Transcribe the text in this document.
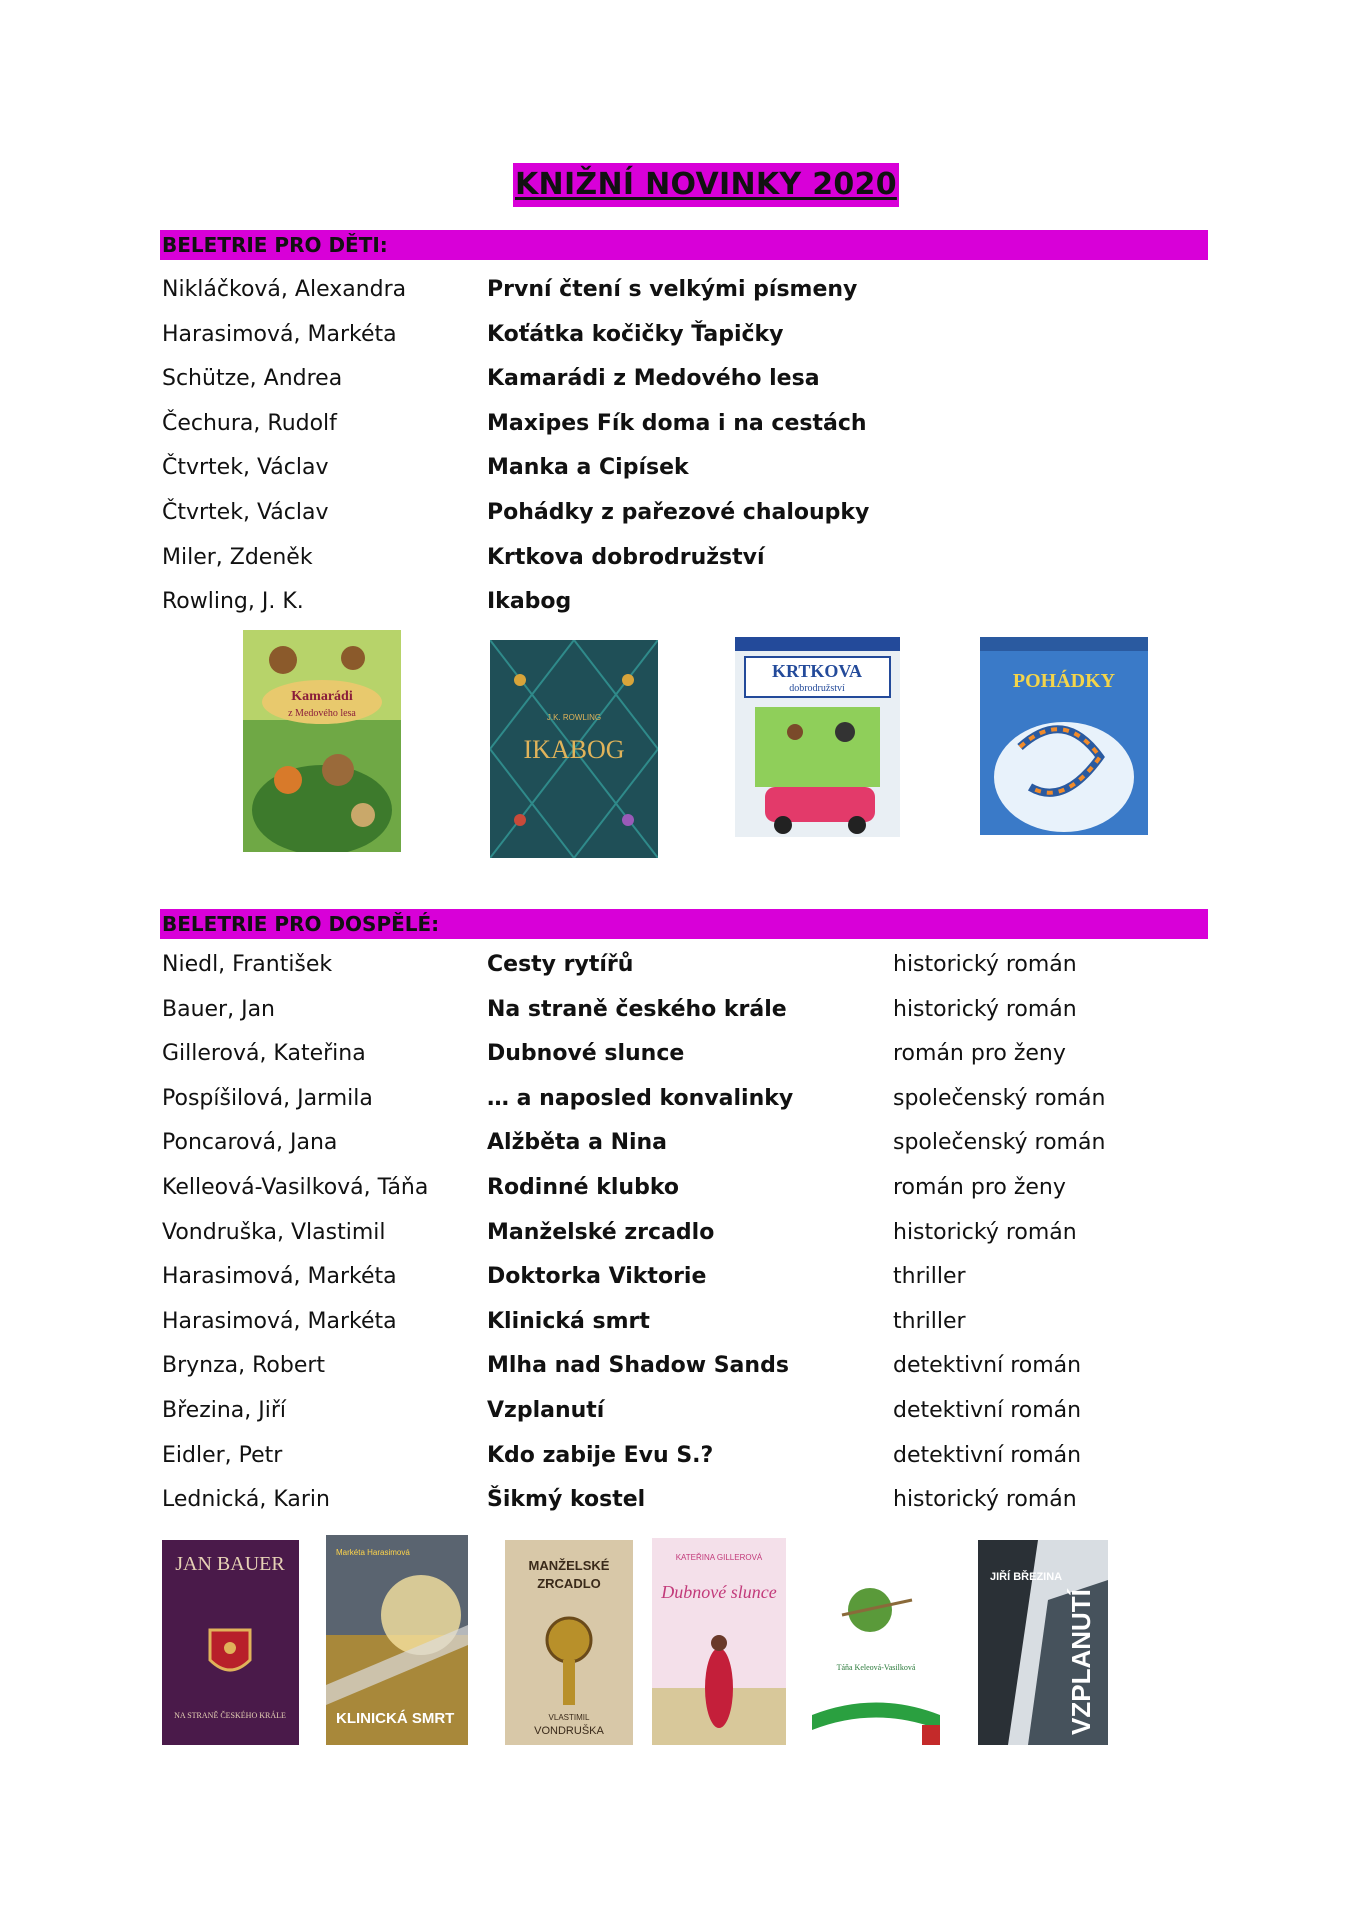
KNIŽNÍ NOVINKY 2020
BELETRIE PRO DĚTI:
Nikláčková, Alexandra	První čtení s velkými písmeny
Harasimová, Markéta	Koťátka kočičky Ťapičky
Schütze, Andrea	Kamarádi z Medového lesa
Čechura, Rudolf	Maxipes Fík doma i na cestách
Čtvrtek, Václav	Manka a Cipísek
Čtvrtek, Václav	Pohádky z pařezové chaloupky
Miler, Zdeněk	Krtkova dobrodružství
Rowling, J. K.	Ikabog
Kamarádi
z Medového lesa
IKABOG
J.K. ROWLING
KRTKOVA
dobrodružství	POHÁDKY
BELETRIE PRO DOSPĚLÉ:
Niedl, František	Cesty rytířů	historický román
Bauer, Jan	Na straně českého krále	historický román
Gillerová, Kateřina	Dubnové slunce	román pro ženy
Pospíšilová, Jarmila	… a naposled konvalinky	společenský román
Poncarová, Jana	Alžběta a Nina	společenský román
Kelleová-Vasilková, Táňa	Rodinné klubko	román pro ženy
Vondruška, Vlastimil	Manželské zrcadlo	historický román
Harasimová, Markéta	Doktorka Viktorie	thriller
Harasimová, Markéta	Klinická smrt	thriller
Brynza, Robert	Mlha nad Shadow Sands	detektivní román
Březina, Jiří	Vzplanutí	detektivní román
Eidler, Petr	Kdo zabije Evu S.?	detektivní román
Lednická, Karin	Šikmý kostel	historický román
JAN BAUER
NA STRANĚ ČESKÉHO KRÁLE
Markéta Harasimová
KLINICKÁ SMRT
MANŽELSKÉ
ZRCADLO
VLASTIMIL
VONDRUŠKA
KATEŘINA GILLEROVÁ
Dubnové slunce
Táňa Keleová-Vasilková
JIŘÍ BŘEZINA
VZPLANUTÍ
